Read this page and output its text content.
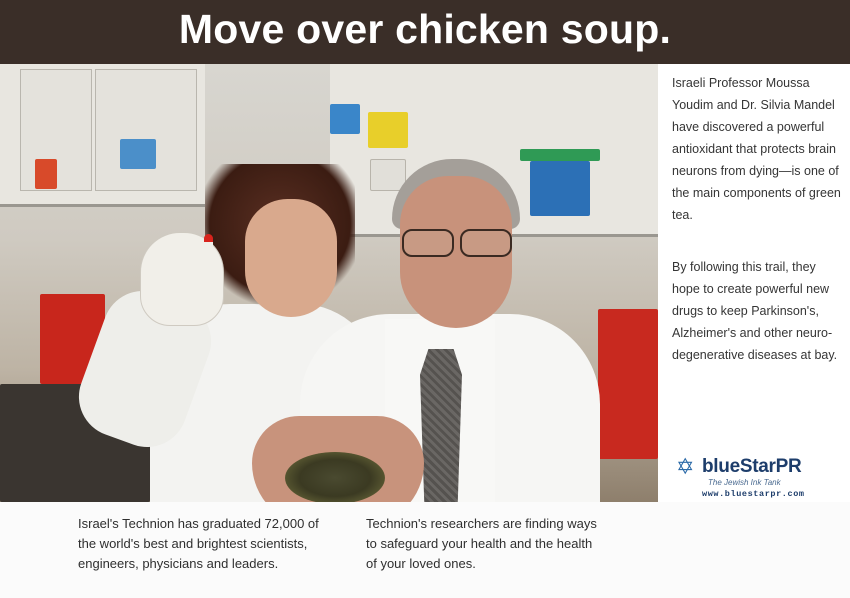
Move over chicken soup.

Israeli Professor Moussa Youdim and Dr. Silvia Mandel have discovered a powerful antioxidant that protects brain neurons from dying—is one of the main components of green tea.

By following this trail, they hope to create powerful new drugs to keep Parkinson's, Alzheimer's and other neuro-degenerative diseases at bay.

✡ blueStarPR
The Jewish Ink Tank
www.bluestarpr.com

Israel's Technion has graduated 72,000 of the world's best and brightest scientists, engineers, physicians and leaders.

Technion's researchers are finding ways to safeguard your health and the health of your loved ones.
